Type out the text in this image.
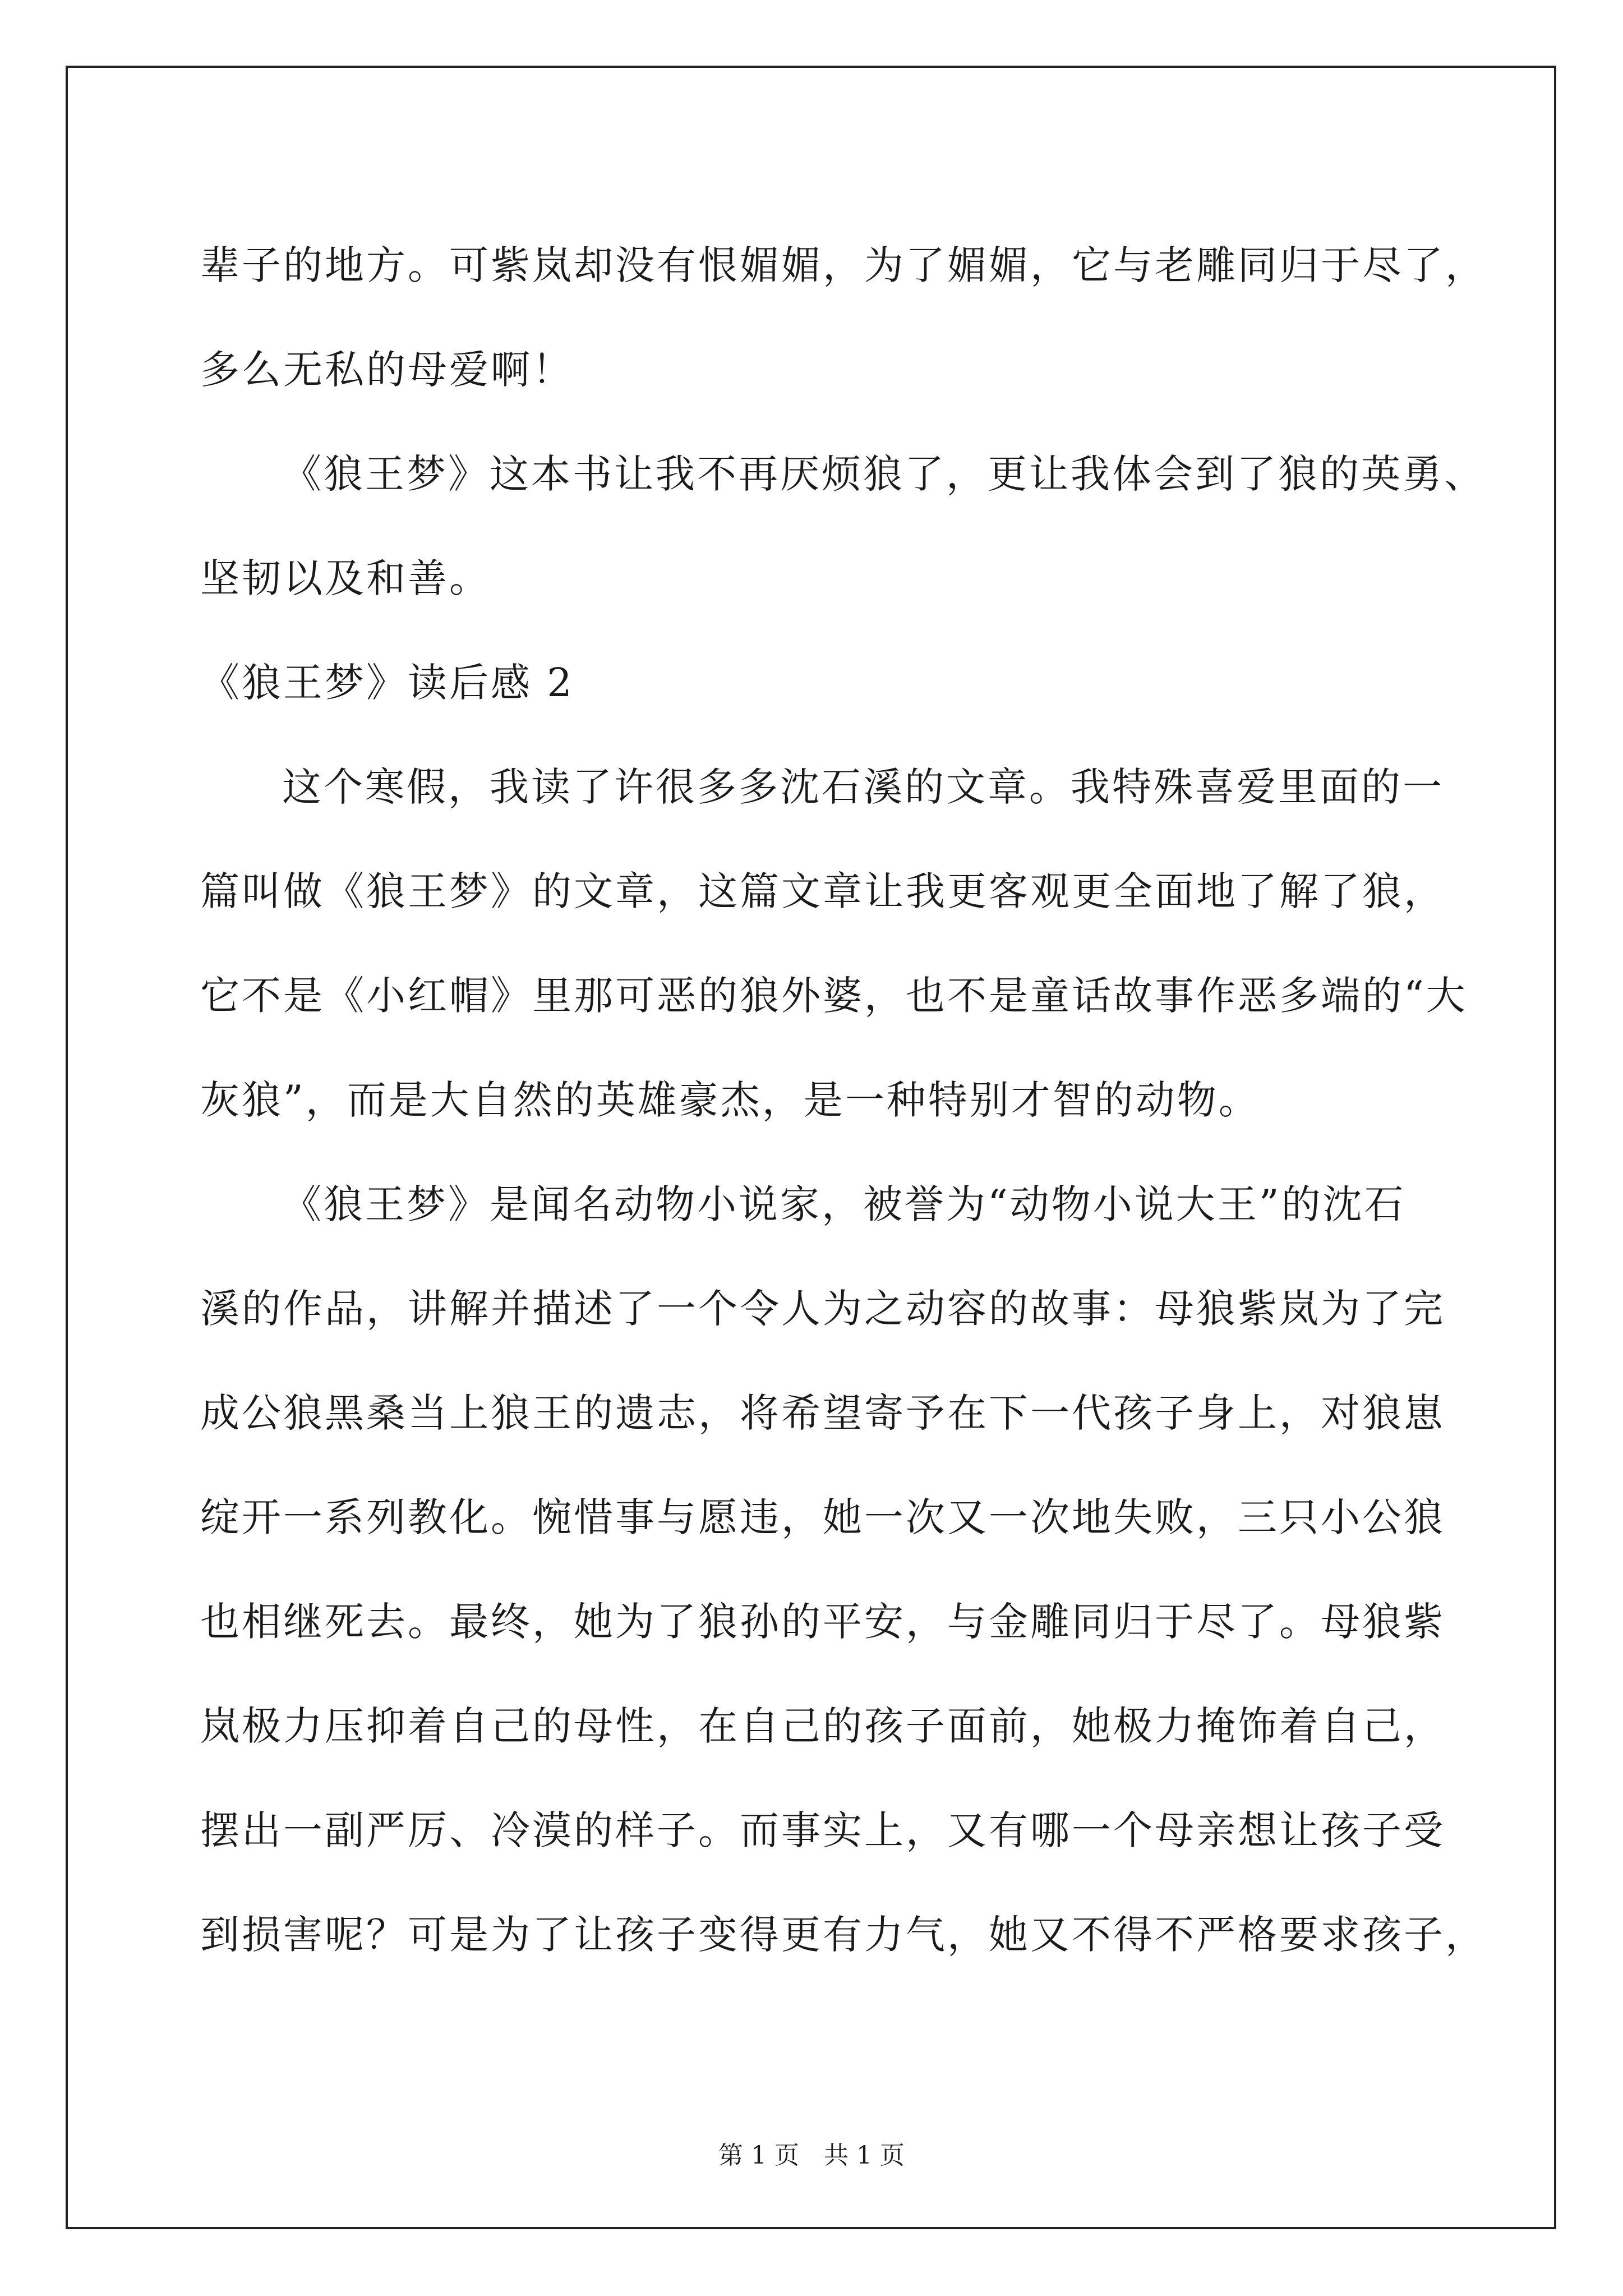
辈子的地方。可紫岚却没有恨媚媚，为了媚媚，它与老雕同归于尽了，
多么无私的母爱啊！
《狼王梦》这本书让我不再厌烦狼了，更让我体会到了狼的英勇、
坚韧以及和善。
《狼王梦》读后感 2
这个寒假，我读了许很多多沈石溪的文章。我特殊喜爱里面的一
篇叫做《狼王梦》的文章，这篇文章让我更客观更全面地了解了狼，
它不是《小红帽》里那可恶的狼外婆，也不是童话故事作恶多端的“大
灰狼”，而是大自然的英雄豪杰，是一种特别才智的动物。
《狼王梦》是闻名动物小说家，被誉为“动物小说大王”的沈石
溪的作品，讲解并描述了一个令人为之动容的故事：母狼紫岚为了完
成公狼黑桑当上狼王的遗志，将希望寄予在下一代孩子身上，对狼崽
绽开一系列教化。惋惜事与愿违，她一次又一次地失败，三只小公狼
也相继死去。最终，她为了狼孙的平安，与金雕同归于尽了。母狼紫
岚极力压抑着自己的母性，在自己的孩子面前，她极力掩饰着自己，
摆出一副严厉、冷漠的样子。而事实上，又有哪一个母亲想让孩子受
到损害呢？可是为了让孩子变得更有力气，她又不得不严格要求孩子，
第 1 页　共 1 页
